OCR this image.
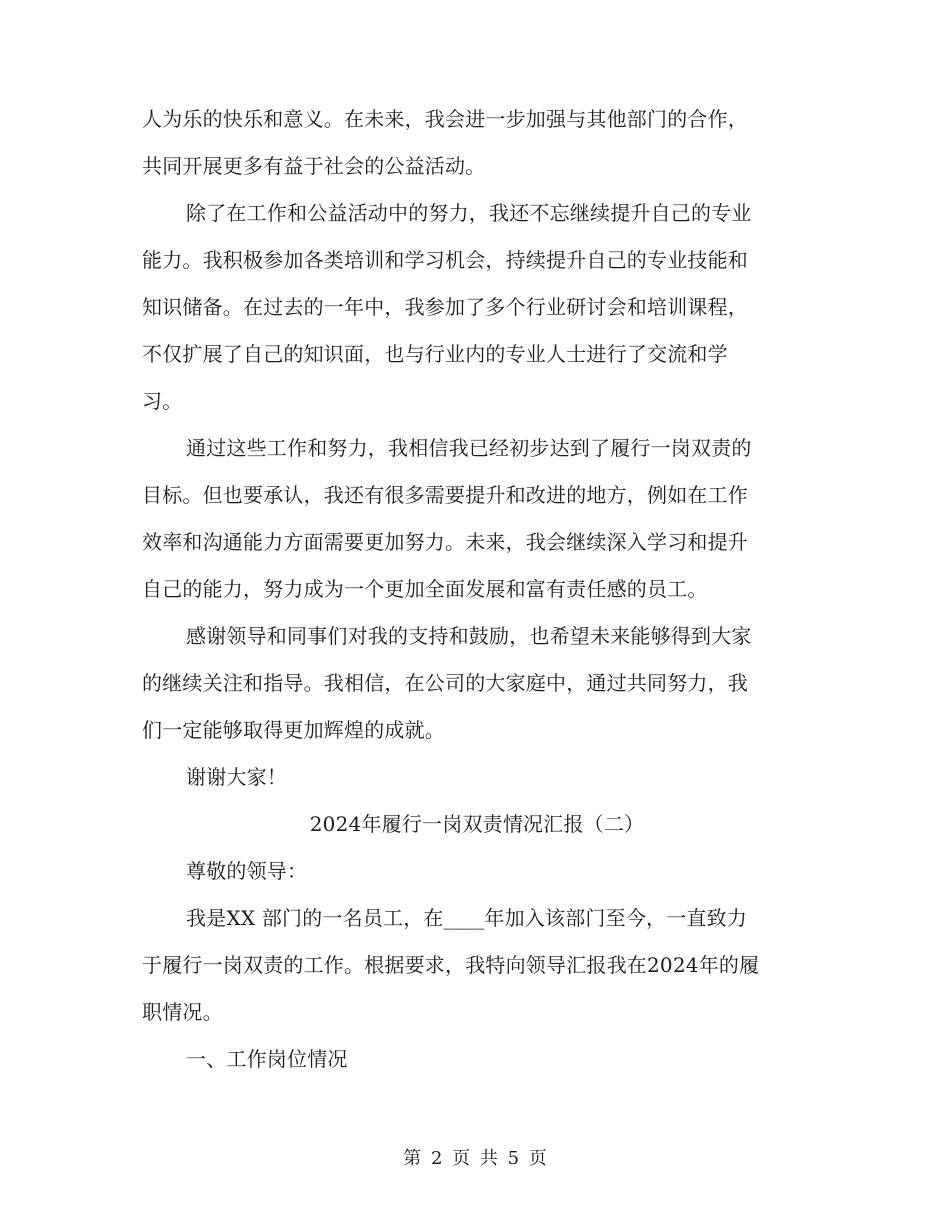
人为乐的快乐和意义。在未来，我会进一步加强与其他部门的合作，
共同开展更多有益于社会的公益活动。
除了在工作和公益活动中的努力，我还不忘继续提升自己的专业
能力。我积极参加各类培训和学习机会，持续提升自己的专业技能和
知识储备。在过去的一年中，我参加了多个行业研讨会和培训课程，
不仅扩展了自己的知识面，也与行业内的专业人士进行了交流和学
习。
通过这些工作和努力，我相信我已经初步达到了履行一岗双责的
目标。但也要承认，我还有很多需要提升和改进的地方，例如在工作
效率和沟通能力方面需要更加努力。未来，我会继续深入学习和提升
自己的能力，努力成为一个更加全面发展和富有责任感的员工。
感谢领导和同事们对我的支持和鼓励，也希望未来能够得到大家
的继续关注和指导。我相信，在公司的大家庭中，通过共同努力，我
们一定能够取得更加辉煌的成就。
谢谢大家！
2024年履行一岗双责情况汇报（二）
尊敬的领导：
我是XX 部门的一名员工，在____年加入该部门至今，一直致力
于履行一岗双责的工作。根据要求，我特向领导汇报我在2024年的履
职情况。
一、工作岗位情况
第 2 页 共 5 页
